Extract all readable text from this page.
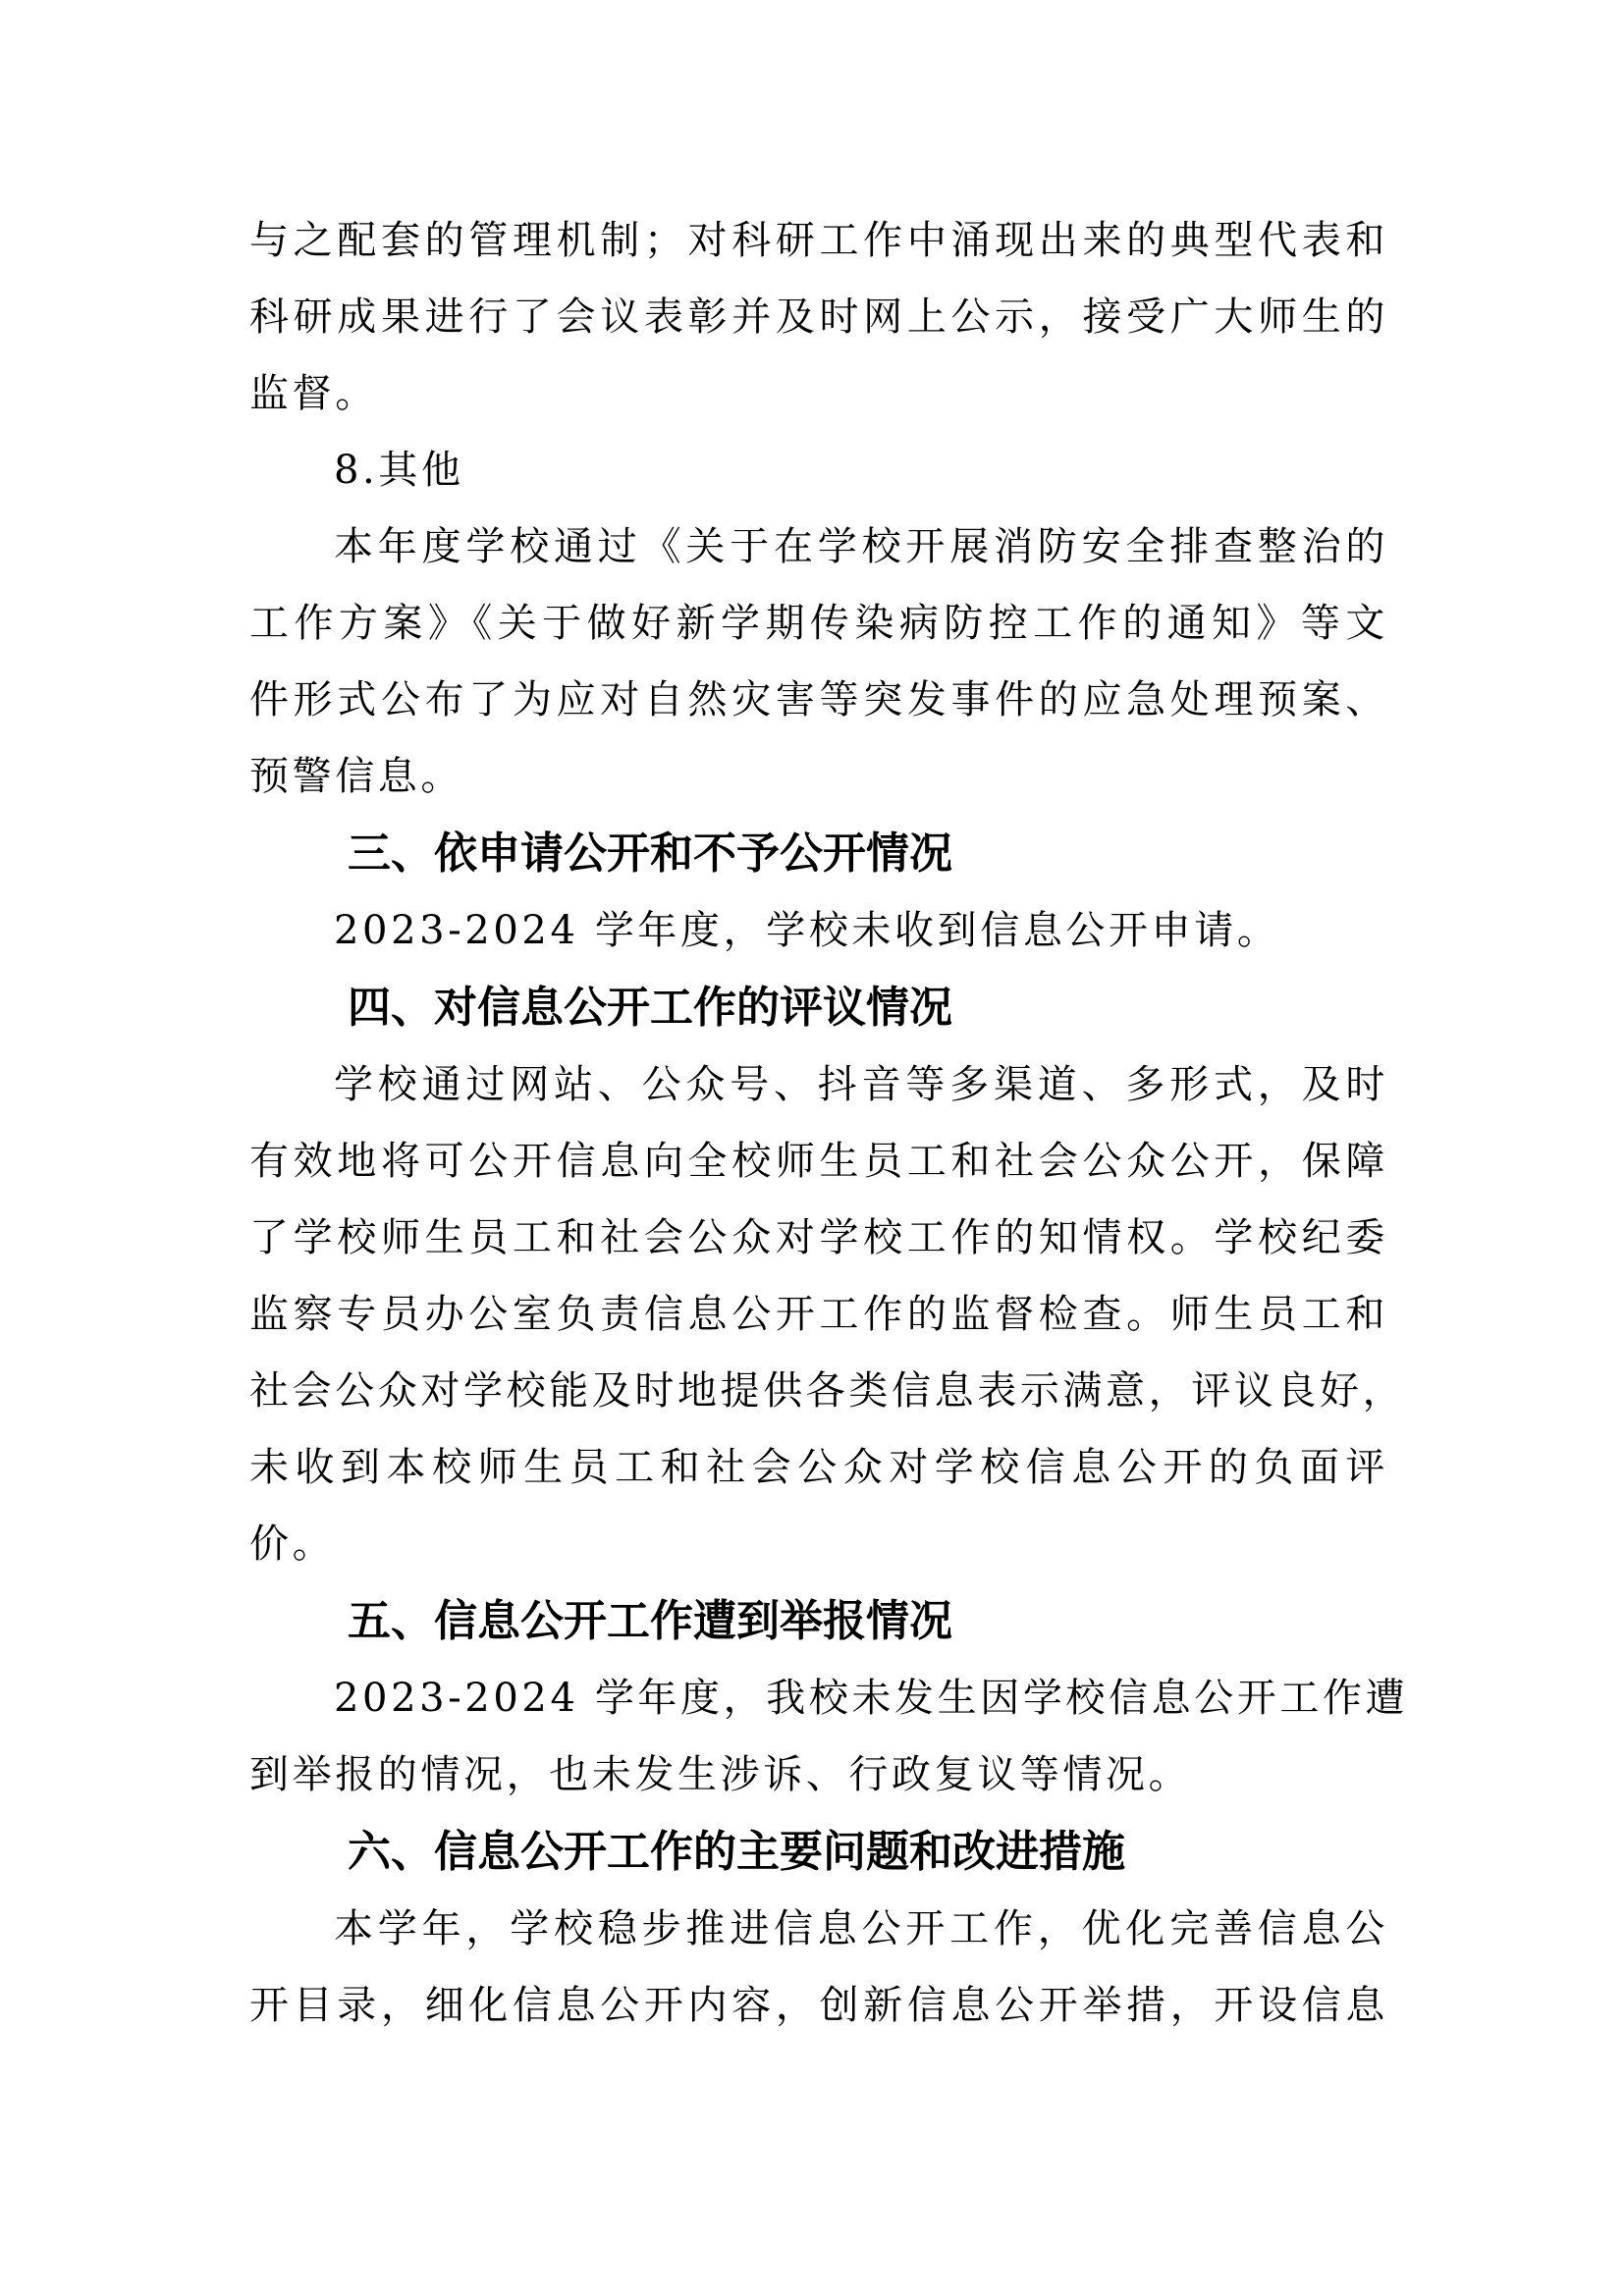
与之配套的管理机制；对科研工作中涌现出来的典型代表和
科研成果进行了会议表彰并及时网上公示，接受广大师生的
监督。
8.其他
本年度学校通过《关于在学校开展消防安全排查整治的
工作方案》《关于做好新学期传染病防控工作的通知》等文
件形式公布了为应对自然灾害等突发事件的应急处理预案、
预警信息。
三、依申请公开和不予公开情况
2023-2024 学年度，学校未收到信息公开申请。
四、对信息公开工作的评议情况
学校通过网站、公众号、抖音等多渠道、多形式，及时
有效地将可公开信息向全校师生员工和社会公众公开，保障
了学校师生员工和社会公众对学校工作的知情权。学校纪委
监察专员办公室负责信息公开工作的监督检查。师生员工和
社会公众对学校能及时地提供各类信息表示满意，评议良好，
未收到本校师生员工和社会公众对学校信息公开的负面评
价。
五、信息公开工作遭到举报情况
2023-2024 学年度，我校未发生因学校信息公开工作遭
到举报的情况，也未发生涉诉、行政复议等情况。
六、信息公开工作的主要问题和改进措施
本学年，学校稳步推进信息公开工作，优化完善信息公
开目录，细化信息公开内容，创新信息公开举措，开设信息
